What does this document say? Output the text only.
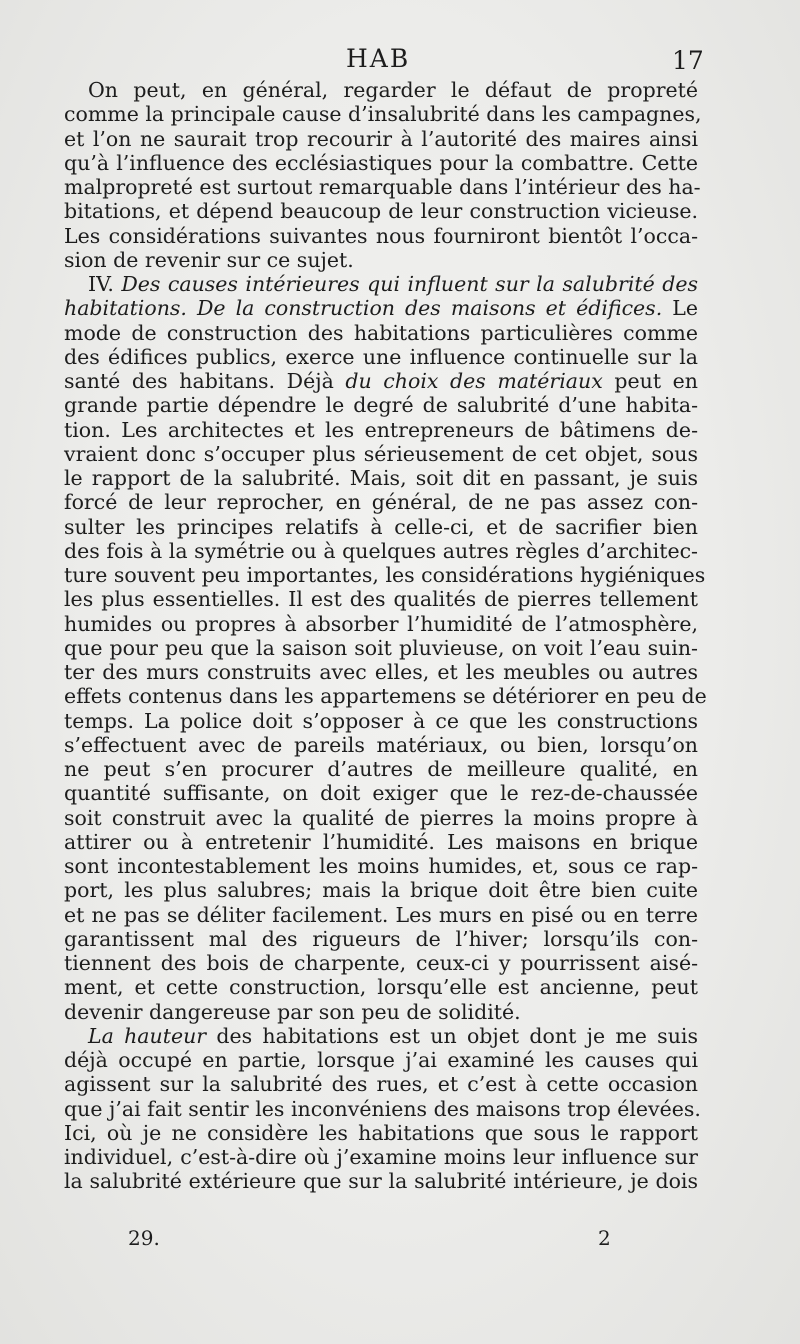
HAB	17
On peut, en général, regarder le défaut de propreté
comme la principale cause d’insalubrité dans les campagnes,
et l’on ne saurait trop recourir à l’autorité des maires ainsi
qu’à l’influence des ecclésiastiques pour la combattre. Cette
malpropreté est surtout remarquable dans l’intérieur des ha-
bitations, et dépend beaucoup de leur construction vicieuse.
Les considérations suivantes nous fourniront bientôt l’occa-
sion de revenir sur ce sujet.
IV. Des causes intérieures qui influent sur la salubrité des
habitations. De la construction des maisons et édifices. Le
mode de construction des habitations particulières comme
des édifices publics, exerce une influence continuelle sur la
santé des habitans. Déjà du choix des matériaux peut en
grande partie dépendre le degré de salubrité d’une habita-
tion. Les architectes et les entrepreneurs de bâtimens de-
vraient donc s’occuper plus sérieusement de cet objet, sous
le rapport de la salubrité. Mais, soit dit en passant, je suis
forcé de leur reprocher, en général, de ne pas assez con-
sulter les principes relatifs à celle-ci, et de sacrifier bien
des fois à la symétrie ou à quelques autres règles d’architec-
ture souvent peu importantes, les considérations hygiéniques
les plus essentielles. Il est des qualités de pierres tellement
humides ou propres à absorber l’humidité de l’atmosphère,
que pour peu que la saison soit pluvieuse, on voit l’eau suin-
ter des murs construits avec elles, et les meubles ou autres
effets contenus dans les appartemens se détériorer en peu de
temps. La police doit s’opposer à ce que les constructions
s’effectuent avec de pareils matériaux, ou bien, lorsqu’on
ne peut s’en procurer d’autres de meilleure qualité, en
quantité suffisante, on doit exiger que le rez-de-chaussée
soit construit avec la qualité de pierres la moins propre à
attirer ou à entretenir l’humidité. Les maisons en brique
sont incontestablement les moins humides, et, sous ce rap-
port, les plus salubres; mais la brique doit être bien cuite
et ne pas se déliter facilement. Les murs en pisé ou en terre
garantissent mal des rigueurs de l’hiver; lorsqu’ils con-
tiennent des bois de charpente, ceux-ci y pourrissent aisé-
ment, et cette construction, lorsqu’elle est ancienne, peut
devenir dangereuse par son peu de solidité.
La hauteur des habitations est un objet dont je me suis
déjà occupé en partie, lorsque j’ai examiné les causes qui
agissent sur la salubrité des rues, et c’est à cette occasion
que j’ai fait sentir les inconvéniens des maisons trop élevées.
Ici, où je ne considère les habitations que sous le rapport
individuel, c’est-à-dire où j’examine moins leur influence sur
la salubrité extérieure que sur la salubrité intérieure, je dois
29.	2
